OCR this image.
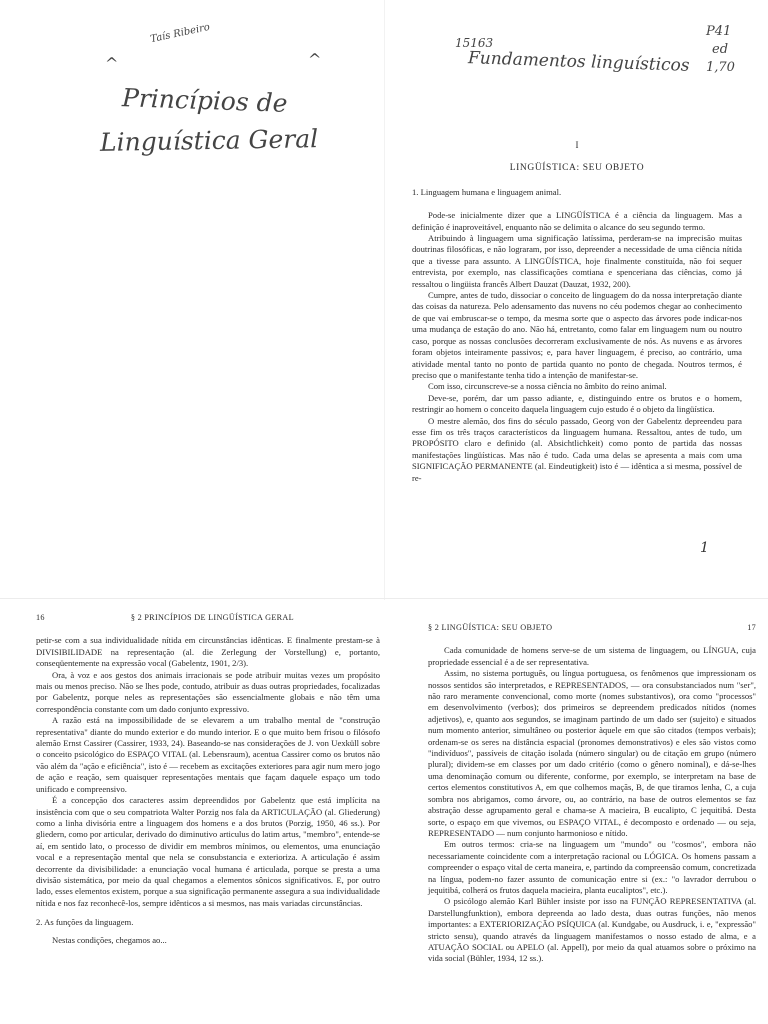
Taís Ribeiro
^	^
Princípios de
Linguística Geral
15163
P41
ed
Fundamentos linguísticos 1,70
I
LINGÜÍSTICA: SEU OBJETO
1. Linguagem humana e linguagem animal.

Pode-se inicialmente dizer que a LINGÜÍSTICA é a ciência da linguagem. Mas a definição é inaproveitável, enquanto não se delimita o alcance do seu segundo termo.

Atribuindo à linguagem uma significação latíssima, perderam-se na imprecisão muitas doutrinas filosóficas, e não lograram, por isso, depreender a necessidade de uma ciência nítida que a tivesse para assunto. A LINGÜÍSTICA, hoje finalmente constituída, não foi sequer entrevista, por exemplo, nas classificações comtiana e spenceriana das ciências, como já ressaltou o lingüista francês Albert Dauzat (Dauzat, 1932, 200).

Cumpre, antes de tudo, dissociar o conceito de linguagem do da nossa interpretação diante das coisas da natureza. Pelo adensamento das nuvens no céu podemos chegar ao conhecimento de que vai embruscar-se o tempo, da mesma sorte que o aspecto das árvores pode indicar-nos uma mudança de estação do ano. Não há, entretanto, como falar em linguagem num ou noutro caso, porque as nossas conclusões decorreram exclusivamente de nós. As nuvens e as árvores foram objetos inteiramente passivos; e, para haver linguagem, é preciso, ao contrário, uma atividade mental tanto no ponto de partida quanto no ponto de chegada. Noutros termos, é preciso que o manifestante tenha tido a intenção de manifestar-se.

Com isso, circunscreve-se a nossa ciência no âmbito do reino animal.

Deve-se, porém, dar um passo adiante, e, distinguindo entre os brutos e o homem, restringir ao homem o conceito daquela linguagem cujo estudo é o objeto da lingüística.

O mestre alemão, dos fins do século passado, Georg von der Gabelentz depreendeu para esse fim os três traços característicos da linguagem humana. Ressaltou, antes de tudo, um PROPÓSITO claro e definido (al. Absichtlichkeit) como ponto de partida das nossas manifestações lingüísticas. Mas não é tudo. Cada uma delas se apresenta a mais com uma SIGNIFICAÇÃO PERMANENTE (al. Eindeutigkeit) isto é — idêntica a si mesma, possível de re-

1
16	§ 2 PRINCÍPIOS DE LINGÜÍSTICA GERAL

petir-se com a sua individualidade nítida em circunstâncias idênticas. E finalmente prestam-se à DIVISIBILIDADE na representação (al. die Zerlegung der Vorstellung) e, portanto, conseqüentemente na expressão vocal (Gabelentz, 1901, 2/3).

Ora, à voz e aos gestos dos animais irracionais se pode atribuir muitas vezes um propósito mais ou menos preciso. Não se lhes pode, contudo, atribuir as duas outras propriedades, focalizadas por Gabelentz, porque neles as representações são essencialmente globais e não têm uma correspondência constante com um dado conjunto expressivo.

A razão está na impossibilidade de se elevarem a um trabalho mental de "construção representativa" diante do mundo exterior e do mundo interior. E o que muito bem frisou o filósofo alemão Ernst Cassirer (Cassirer, 1933, 24). Baseando-se nas considerações de J. von Uexküll sobre o conceito psicológico do ESPAÇO VITAL (al. Lebensraum), acentua Cassirer como os brutos não vão além da "ação e eficiência", isto é — recebem as excitações exteriores para agir num mero jogo de ação e reação, sem quaisquer representações mentais que façam daquele espaço um todo unificado e compreensivo.

É a concepção dos caracteres assim depreendidos por Gabelentz que está implícita na insistência com que o seu compatriota Walter Porzig nos fala da ARTICULAÇÃO (al. Gliederung) como a linha divisória entre a linguagem dos homens e a dos brutos (Porzig, 1950, 46 ss.). Por gliedern, como por articular, derivado do diminutivo articulus do latim artus, "membro", entende-se aí, em sentido lato, o processo de dividir em membros mínimos, ou elementos, uma enunciação vocal e a representação mental que nela se consubstancia e exterioriza. A articulação é assim decorrente da divisibilidade: a enunciação vocal humana é articulada, porque se presta a uma divisão sistemática, por meio da qual chegamos a elementos sônicos significativos. E, por outro lado, esses elementos existem, porque a sua significação permanente assegura a sua individualidade nítida e nos faz reconhecê-los, sempre idênticos a si mesmos, nas mais variadas circunstâncias.

2. As funções da linguagem.

Nestas condições, chegamos ao...

§ 2 LINGÜÍSTICA: SEU OBJETO	17

Cada comunidade de homens serve-se de um sistema de linguagem, ou LÍNGUA, cuja propriedade essencial é a de ser representativa.

Assim, no sistema português, ou língua portuguesa, os fenômenos que impressionam os nossos sentidos são interpretados, e REPRESENTADOS, — ora consubstanciados num "ser", não raro meramente convencional, como morte (nomes substantivos), ora como "processos" em desenvolvimento (verbos); dos primeiros se depreendem predicados nítidos (nomes adjetivos), e, quanto aos segundos, se imaginam partindo de um dado ser (sujeito) e situados num momento anterior, simultâneo ou posterior àquele em que são citados (tempos verbais); ordenam-se os seres na distância espacial (pronomes demonstrativos) e eles são vistos como "indivíduos", passíveis de citação isolada (número singular) ou de citação em grupo (número plural); dividem-se em classes por um dado critério (como o gênero nominal), e dá-se-lhes uma denominação comum ou diferente, conforme, por exemplo, se interpretam na base de certos elementos constitutivos A, em que colhemos maçãs, B, de que tiramos lenha, C, a cuja sombra nos abrigamos, como árvore, ou, ao contrário, na base de outros elementos se faz abstração desse agrupamento geral e chama-se A macieira, B eucalipto, C jequitibá. Desta sorte, o espaço em que vivemos, ou ESPAÇO VITAL, é decomposto e ordenado — ou seja, REPRESENTADO — num conjunto harmonioso e nítido.

Em outros termos: cria-se na linguagem um "mundo" ou "cosmos", embora não necessariamente coincidente com a interpretação racional ou LÓGICA. Os homens passam a compreender o espaço vital de certa maneira, e, partindo da compreensão comum, concretizada na língua, podem-no fazer assunto de comunicação entre si (ex.: "o lavrador derrubou o jequitibá, colherá os frutos daquela macieira, planta eucaliptos", etc.).

O psicólogo alemão Karl Bühler insiste por isso na FUNÇÃO REPRESENTATIVA (al. Darstellungfunktion), embora depreenda ao lado desta, duas outras funções, não menos importantes: a EXTERIORIZAÇÃO PSÍQUICA (al. Kundgabe, ou Ausdruck, i. e, "expressão" stricto sensu), quando através da linguagem manifestamos o nosso estado de alma, e a ATUAÇÃO SOCIAL ou APELO (al. Appell), por meio da qual atuamos sobre o próximo na vida social (Bühler, 1934, 12 ss.).
